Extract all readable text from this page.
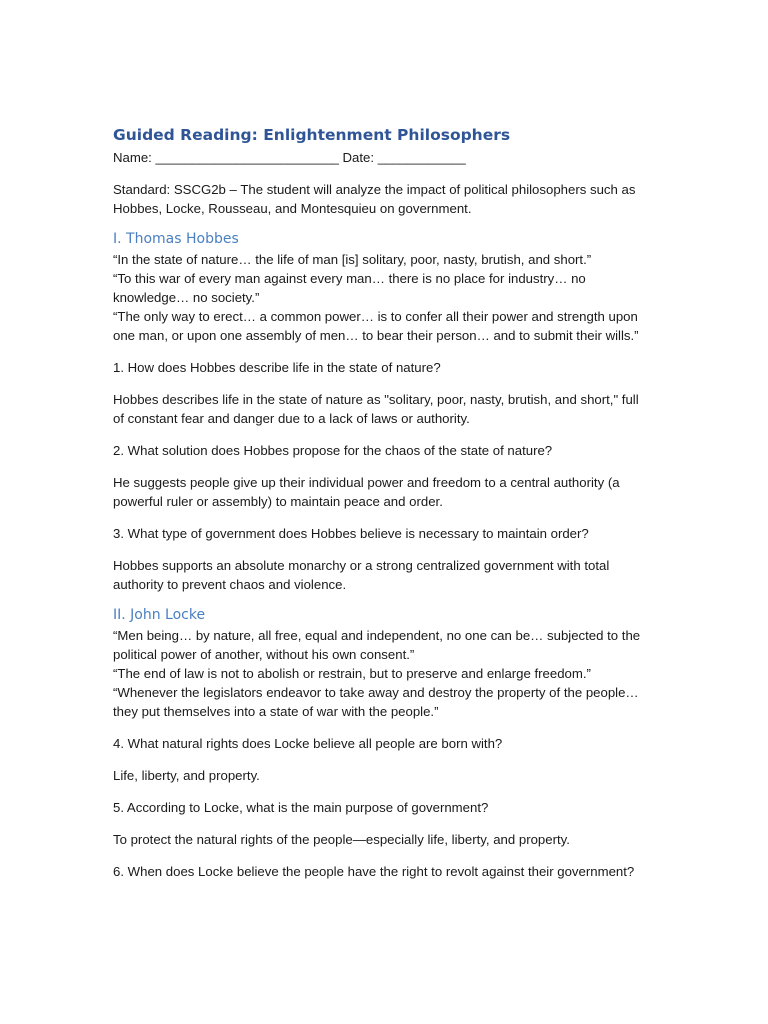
Guided Reading: Enlightenment Philosophers

Name: _________________________ Date: ____________

Standard: SSCG2b – The student will analyze the impact of political philosophers such as Hobbes, Locke, Rousseau, and Montesquieu on government.

I. Thomas Hobbes

“In the state of nature… the life of man [is] solitary, poor, nasty, brutish, and short.”

“To this war of every man against every man… there is no place for industry… no knowledge… no society.”

“The only way to erect… a common power… is to confer all their power and strength upon one man, or upon one assembly of men… to bear their person… and to submit their wills.”

1. How does Hobbes describe life in the state of nature?

Hobbes describes life in the state of nature as "solitary, poor, nasty, brutish, and short," full of constant fear and danger due to a lack of laws or authority.

2. What solution does Hobbes propose for the chaos of the state of nature?

He suggests people give up their individual power and freedom to a central authority (a powerful ruler or assembly) to maintain peace and order.

3. What type of government does Hobbes believe is necessary to maintain order?

Hobbes supports an absolute monarchy or a strong centralized government with total authority to prevent chaos and violence.

II. John Locke

“Men being… by nature, all free, equal and independent, no one can be… subjected to the political power of another, without his own consent.”

“The end of law is not to abolish or restrain, but to preserve and enlarge freedom.”

“Whenever the legislators endeavor to take away and destroy the property of the people… they put themselves into a state of war with the people.”

4. What natural rights does Locke believe all people are born with?

Life, liberty, and property.

5. According to Locke, what is the main purpose of government?

To protect the natural rights of the people—especially life, liberty, and property.

6. When does Locke believe the people have the right to revolt against their government?
